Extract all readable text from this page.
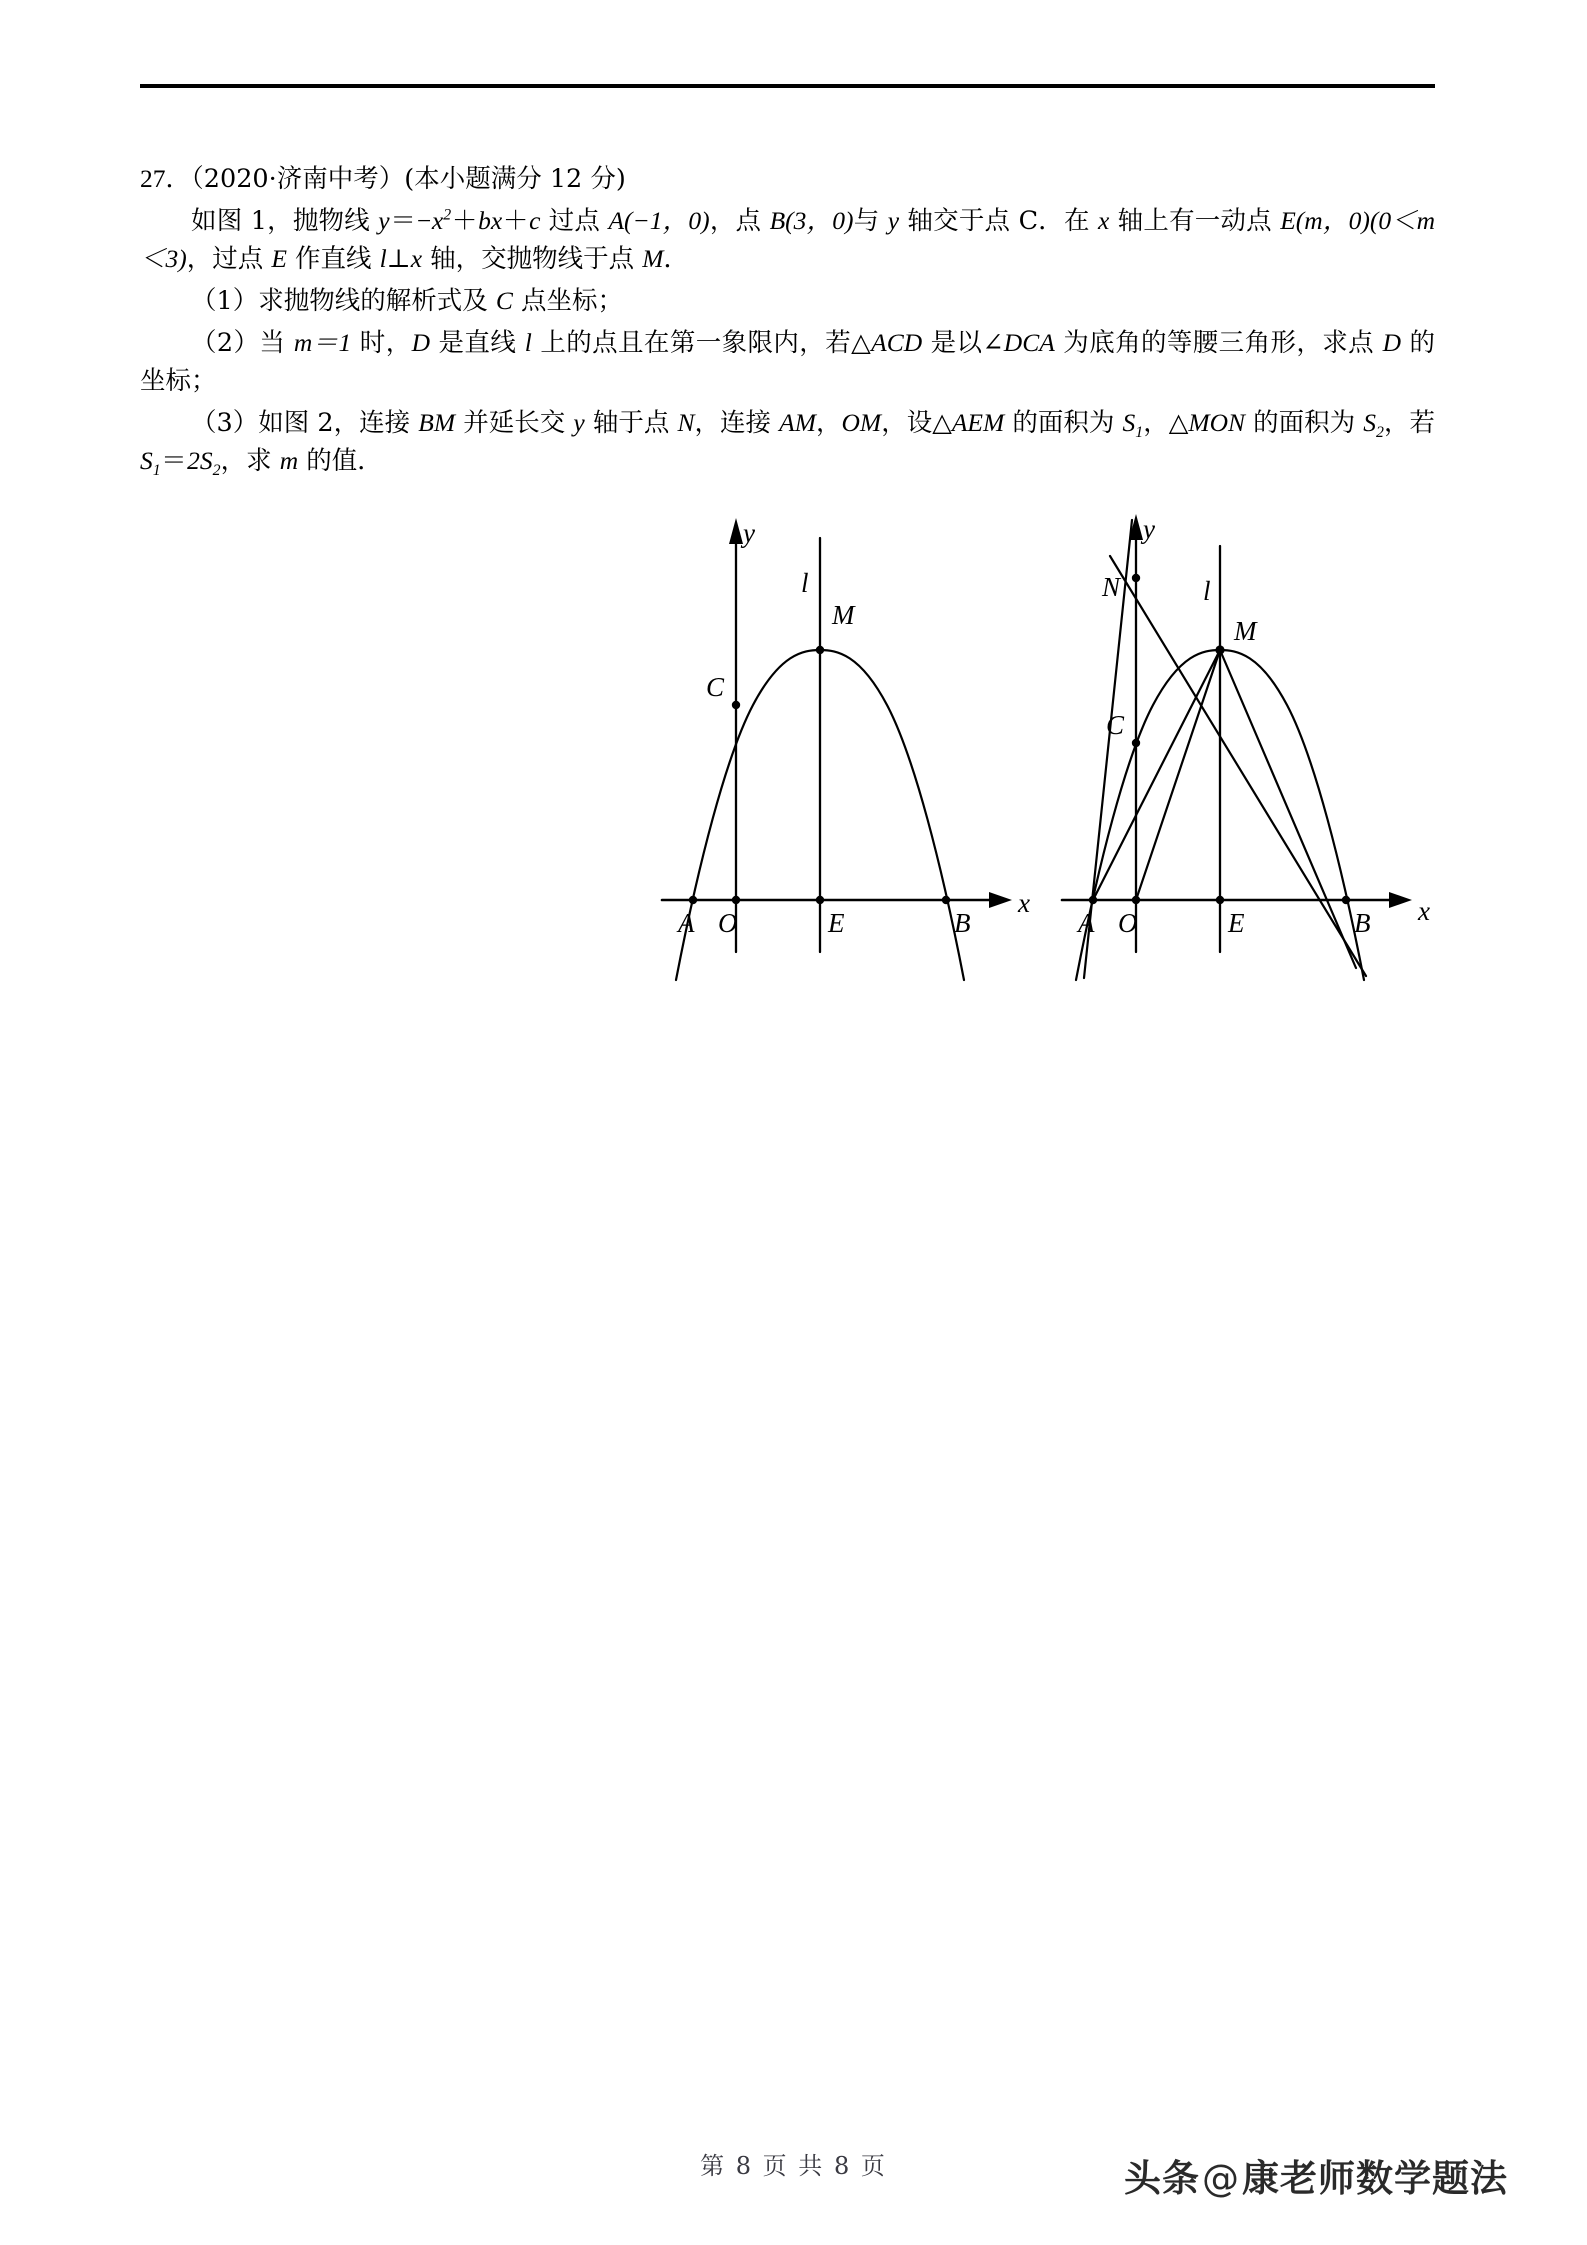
27．（2020·济南中考）(本小题满分 12 分)

如图 1，抛物线 $y=-x^2+bx+c$ 过点 A(−1，0)，点 B(3，0)与 y 轴交于点 C．在 x 轴上有一动点 E(m，0)(0＜m＜3)，过点 E 作直线 l⊥x 轴，交抛物线于点 M．

（1）求抛物线的解析式及 C 点坐标；

（2）当 m＝1 时，D 是直线 l 上的点且在第一象限内，若△ACD 是以∠DCA 为底角的等腰三角形，求点 D 的坐标；

（3）如图 2，连接 BM 并延长交 y 轴于点 N，连接 AM，OM，设△AEM 的面积为 $S_1$，△MON 的面积为 $S_2$，若 $S_1=2S_2$，求 m 的值．

y
x
l
M
C
A O	E	B
y
x
l
N
M
C
A O	E	B
第 8 页 共 8 页	头条@康老师数学题法
